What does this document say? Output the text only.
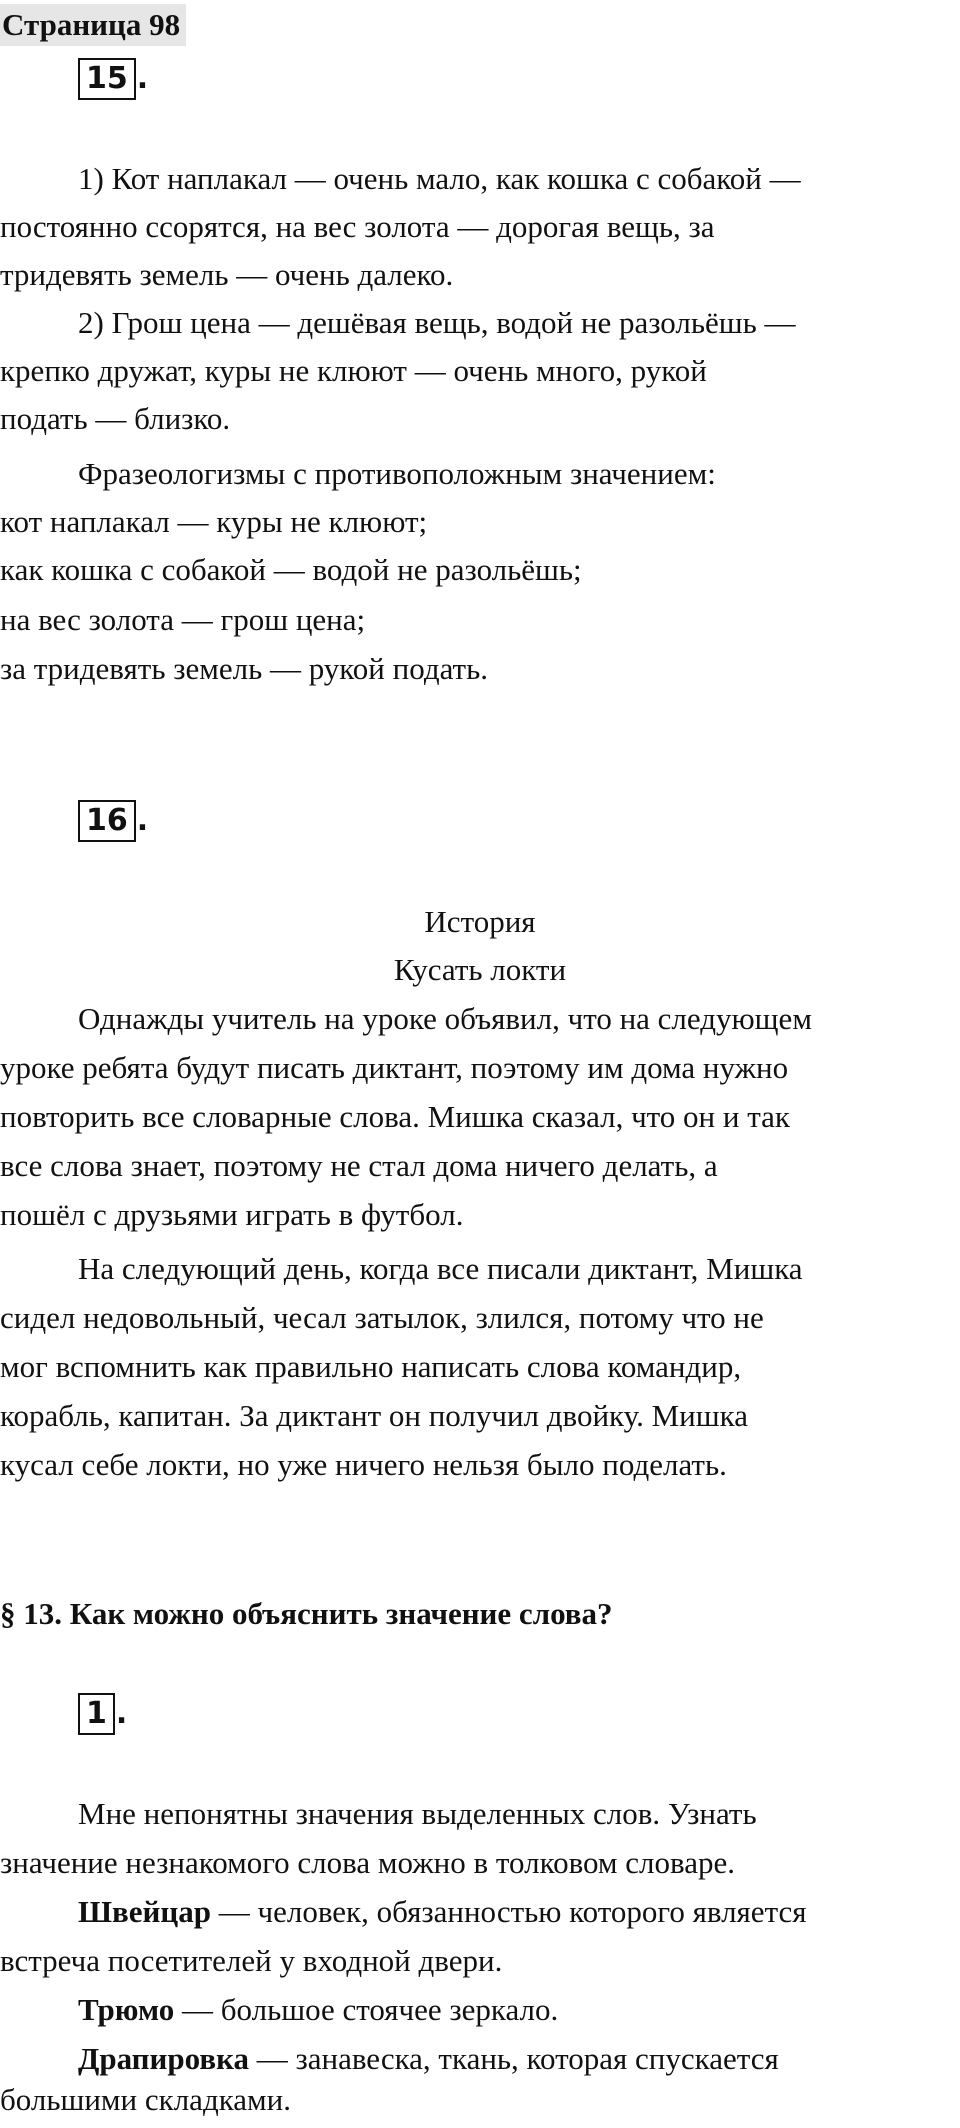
Страница 98
15 .
1) Кот наплакал — очень мало, как кошка с собакой —
постоянно ссорятся, на вес золота — дорогая вещь, за
тридевять земель — очень далеко.
2) Грош цена — дешёвая вещь, водой не разольёшь —
крепко дружат, куры не клюют — очень много, рукой
подать — близко.
Фразеологизмы с противоположным значением:
кот наплакал — куры не клюют;
как кошка с собакой — водой не разольёшь;
на вес золота — грош цена;
за тридевять земель — рукой подать.
16 .
История
Кусать локти
Однажды учитель на уроке объявил, что на следующем
уроке ребята будут писать диктант, поэтому им дома нужно
повторить все словарные слова. Мишка сказал, что он и так
все слова знает, поэтому не стал дома ничего делать, а
пошёл с друзьями играть в футбол.
На следующий день, когда все писали диктант, Мишка
сидел недовольный, чесал затылок, злился, потому что не
мог вспомнить как правильно написать слова командир,
корабль, капитан. За диктант он получил двойку. Мишка
кусал себе локти, но уже ничего нельзя было поделать.
§ 13. Как можно объяснить значение слова?
1 .
Мне непонятны значения выделенных слов. Узнать
значение незнакомого слова можно в толковом словаре.
Швейцар — человек, обязанностью которого является
встреча посетителей у входной двери.
Трюмо — большое стоячее зеркало.
Драпировка — занавеска, ткань, которая спускается
большими складками.
